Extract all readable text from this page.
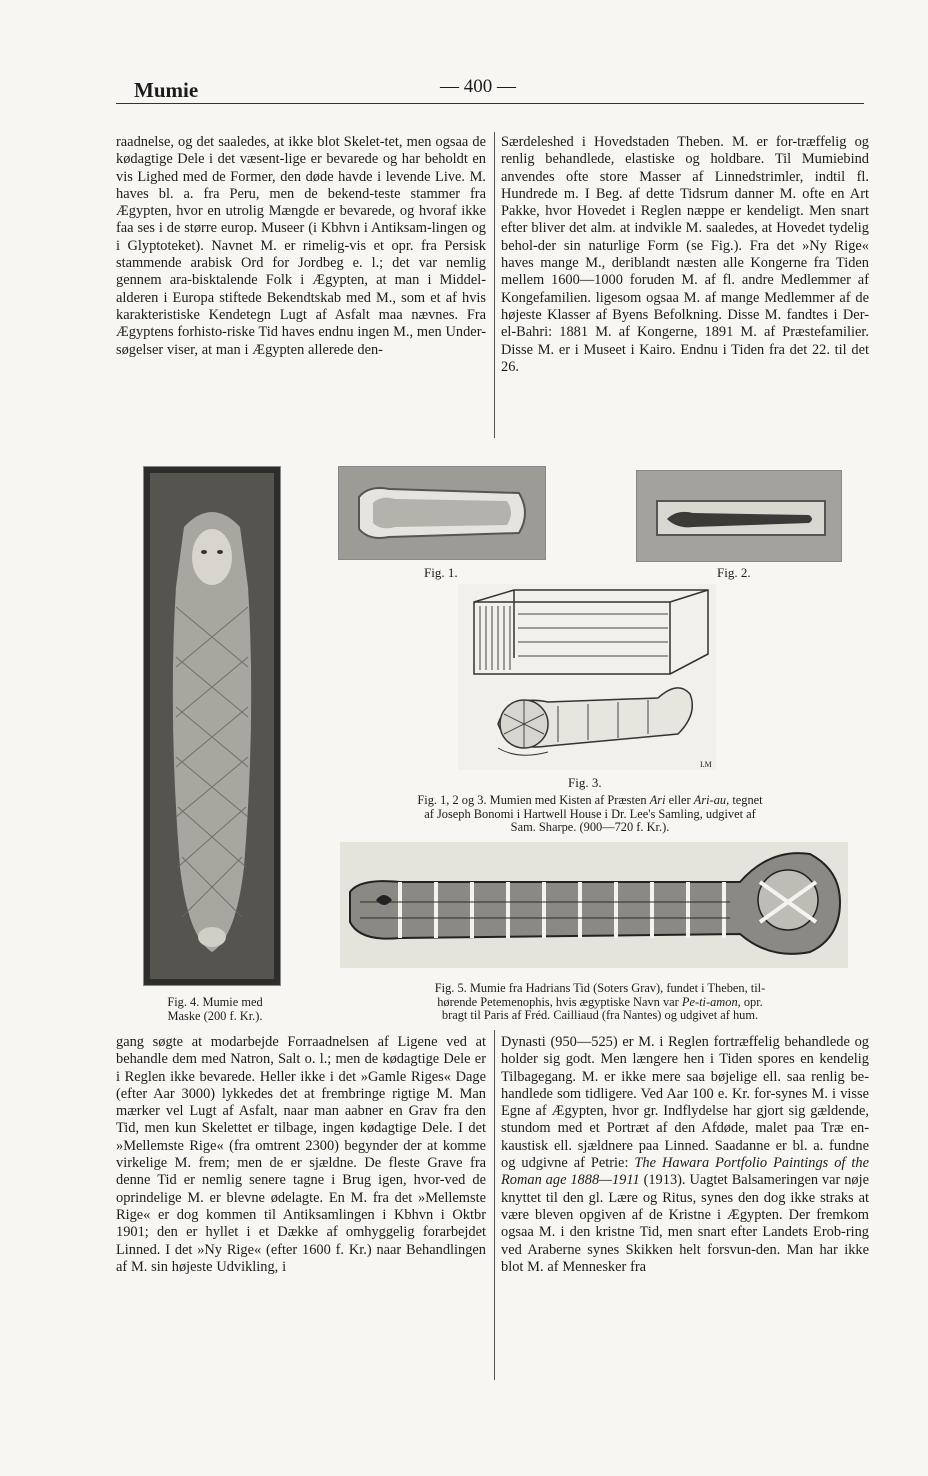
Mumie	— 400 —

raadnelse, og det saaledes, at ikke blot Skelet-tet, men ogsaa de kødagtige Dele i det væsent-lige er bevarede og har beholdt en vis Lighed med de Former, den døde havde i levende Live. M. haves bl. a. fra Peru, men de bekend-teste stammer fra Ægypten, hvor en utrolig Mængde er bevarede, og hvoraf ikke faa ses i de større europ. Museer (i Kbhvn i Antiksam-lingen og i Glyptoteket). Navnet M. er rimelig-vis et opr. fra Persisk stammende arabisk Ord for Jordbeg e. l.; det var nemlig gennem ara-bisktalende Folk i Ægypten, at man i Middel-alderen i Europa stiftede Bekendtskab med M., som et af hvis karakteristiske Kendetegn Lugt af Asfalt maa nævnes. Fra Ægyptens forhisto-riske Tid haves endnu ingen M., men Under-søgelser viser, at man i Ægypten allerede den-

Særdeleshed i Hovedstaden Theben. M. er for-træffelig og renlig behandlede, elastiske og holdbare. Til Mumiebind anvendes ofte store Masser af Linnedstrimler, indtil fl. Hundrede m. I Beg. af dette Tidsrum danner M. ofte en Art Pakke, hvor Hovedet i Reglen næppe er kendeligt. Men snart efter bliver det alm. at indvikle M. saaledes, at Hovedet tydelig behol-der sin naturlige Form (se Fig.). Fra det »Ny Rige« haves mange M., deriblandt næsten alle Kongerne fra Tiden mellem 1600—1000 foruden M. af fl. andre Medlemmer af Kongefamilien. ligesom ogsaa M. af mange Medlemmer af de højeste Klasser af Byens Befolkning. Disse M. fandtes i Der-el-Bahri: 1881 M. af Kongerne, 1891 M. af Præstefamilier. Disse M. er i Museet i Kairo. Endnu i Tiden fra det 22. til det 26.

Fig. 4. Mumie med
Maske (200 f. Kr.).
Fig. 1.	Fig. 2.
I.M
Fig. 3.
Fig. 1, 2 og 3. Mumien med Kisten af Præsten Ari eller Ari-au, tegnet
af Joseph Bonomi i Hartwell House i Dr. Lee's Samling, udgivet af
Sam. Sharpe. (900—720 f. Kr.).
Fig. 5. Mumie fra Hadrians Tid (Soters Grav), fundet i Theben, til-
hørende Petemenophis, hvis ægyptiske Navn var Pe-ti-amon, opr.
bragt til Paris af Fréd. Cailliaud (fra Nantes) og udgivet af hum.

gang søgte at modarbejde Forraadnelsen af Ligene ved at behandle dem med Natron, Salt o. l.; men de kødagtige Dele er i Reglen ikke bevarede. Heller ikke i det »Gamle Riges« Dage (efter Aar 3000) lykkedes det at frembringe rigtige M. Man mærker vel Lugt af Asfalt, naar man aabner en Grav fra den Tid, men kun Skelettet er tilbage, ingen kødagtige Dele. I det »Mellemste Rige« (fra omtrent 2300) begynder der at komme virkelige M. frem; men de er sjældne. De fleste Grave fra denne Tid er nemlig senere tagne i Brug igen, hvor-ved de oprindelige M. er blevne ødelagte. En M. fra det »Mellemste Rige« er dog kommen til Antiksamlingen i Kbhvn i Oktbr 1901; den er hyllet i et Dække af omhyggelig forarbejdet Linned. I det »Ny Rige« (efter 1600 f. Kr.) naar Behandlingen af M. sin højeste Udvikling, i

Dynasti (950—525) er M. i Reglen fortræffelig behandlede og holder sig godt. Men længere hen i Tiden spores en kendelig Tilbagegang. M. er ikke mere saa bøjelige ell. saa renlig be-handlede som tidligere. Ved Aar 100 e. Kr. for-synes M. i visse Egne af Ægypten, hvor gr. Indflydelse har gjort sig gældende, stundom med et Portræt af den Afdøde, malet paa Træ en-kaustisk ell. sjældnere paa Linned. Saadanne er bl. a. fundne og udgivne af Petrie: The Hawara Portfolio Paintings of the Roman age 1888—1911 (1913). Uagtet Balsameringen var nøje knyttet til den gl. Lære og Ritus, synes den dog ikke straks at være bleven opgiven af de Kristne i Ægypten. Der fremkom ogsaa M. i den kristne Tid, men snart efter Landets Erob-ring ved Araberne synes Skikken helt forsvun-den. Man har ikke blot M. af Mennesker fra
